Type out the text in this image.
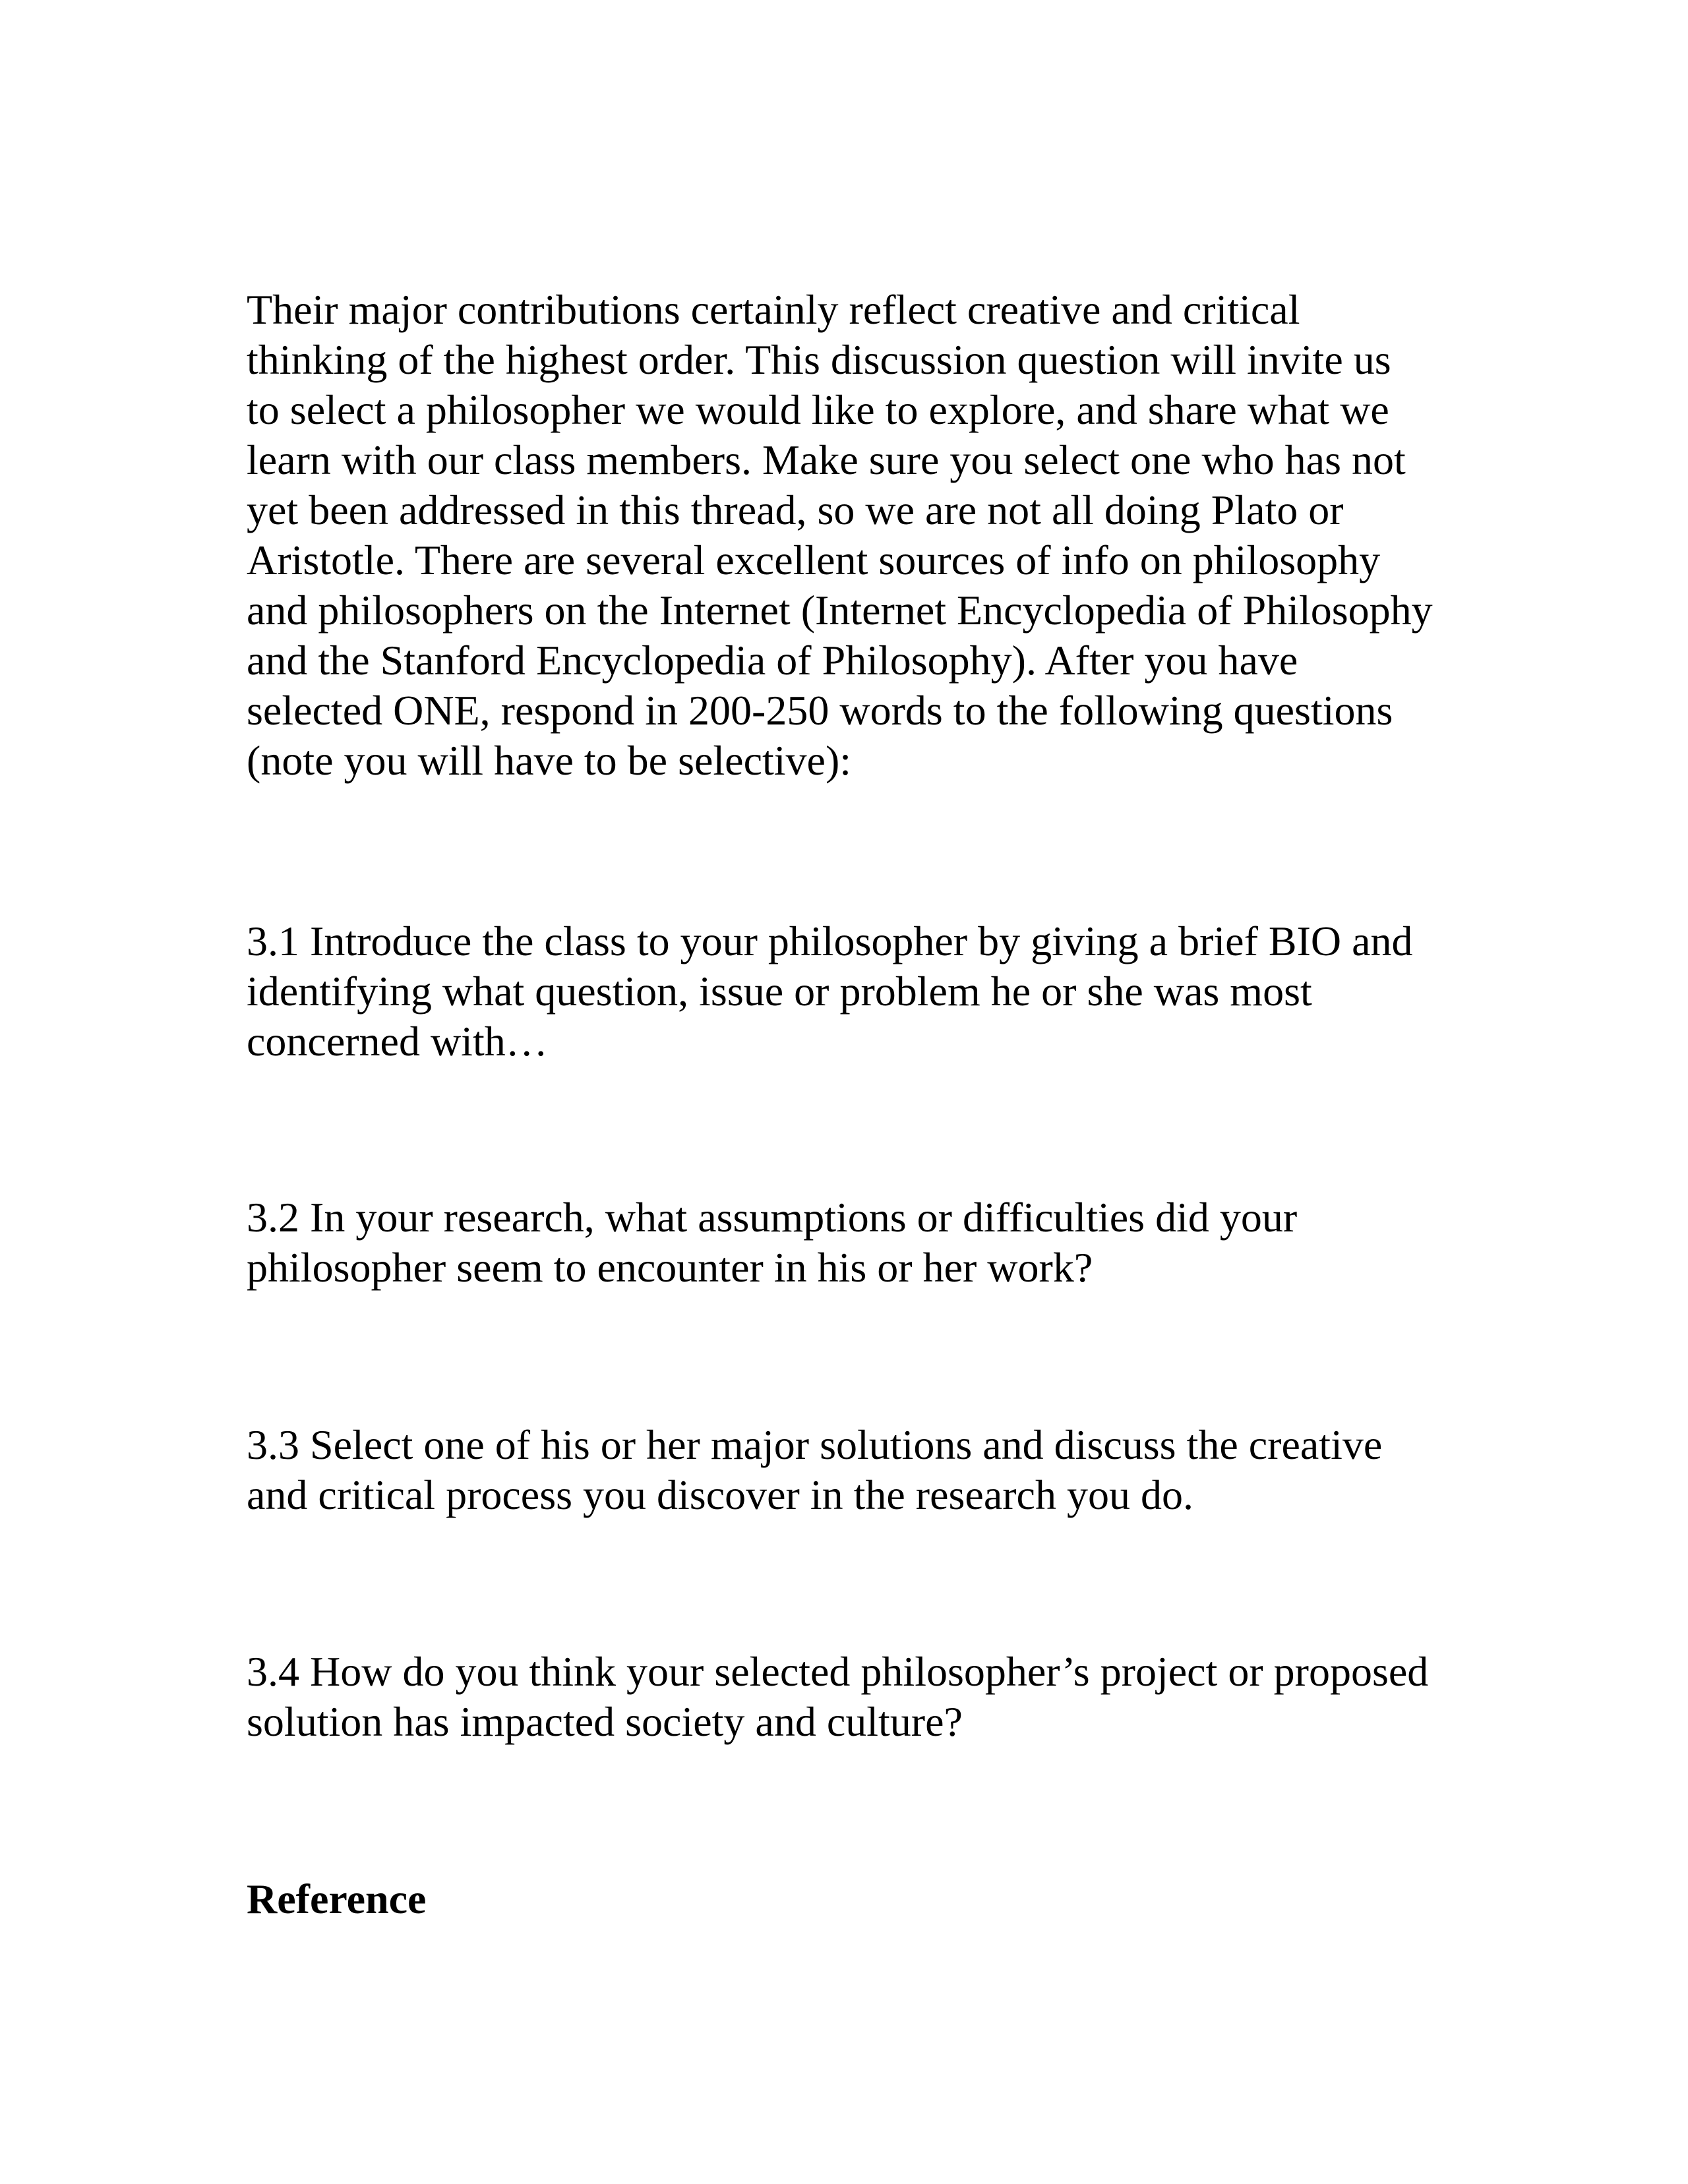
Their major contributions certainly reflect creative and critical
thinking of the highest order. This discussion question will invite us
to select a philosopher we would like to explore, and share what we
learn with our class members. Make sure you select one who has not
yet been addressed in this thread, so we are not all doing Plato or
Aristotle. There are several excellent sources of info on philosophy
and philosophers on the Internet (Internet Encyclopedia of Philosophy
and the Stanford Encyclopedia of Philosophy). After you have
selected ONE, respond in 200-250 words to the following questions
(note you will have to be selective):

3.1 Introduce the class to your philosopher by giving a brief BIO and
identifying what question, issue or problem he or she was most
concerned with…

3.2 In your research, what assumptions or difficulties did your
philosopher seem to encounter in his or her work?

3.3 Select one of his or her major solutions and discuss the creative
and critical process you discover in the research you do.

3.4 How do you think your selected philosopher’s project or proposed
solution has impacted society and culture?

Reference
